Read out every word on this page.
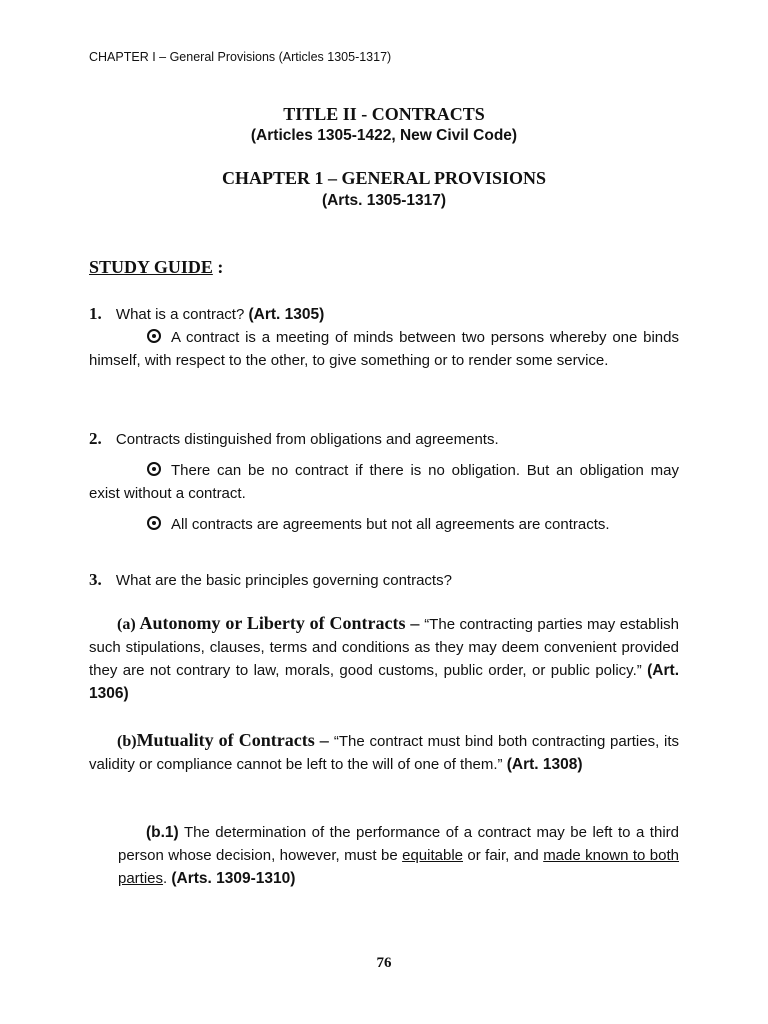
CHAPTER I – General Provisions (Articles 1305-1317)
TITLE II - CONTRACTS
(Articles 1305-1422, New Civil Code)
CHAPTER 1 – GENERAL PROVISIONS
(Arts. 1305-1317)
STUDY GUIDE :
1. What is a contract? (Art. 1305)
A contract is a meeting of minds between two persons whereby one binds himself, with respect to the other, to give something or to render some service.
2. Contracts distinguished from obligations and agreements.
There can be no contract if there is no obligation. But an obligation may exist without a contract.
All contracts are agreements but not all agreements are contracts.
3. What are the basic principles governing contracts?
(a) Autonomy or Liberty of Contracts – “The contracting parties may establish such stipulations, clauses, terms and conditions as they may deem convenient provided they are not contrary to law, morals, good customs, public order, or public policy.” (Art. 1306)
(b)Mutuality of Contracts – “The contract must bind both contracting parties, its validity or compliance cannot be left to the will of one of them.” (Art. 1308)
(b.1) The determination of the performance of a contract may be left to a third person whose decision, however, must be equitable or fair, and made known to both parties. (Arts. 1309-1310)
76
